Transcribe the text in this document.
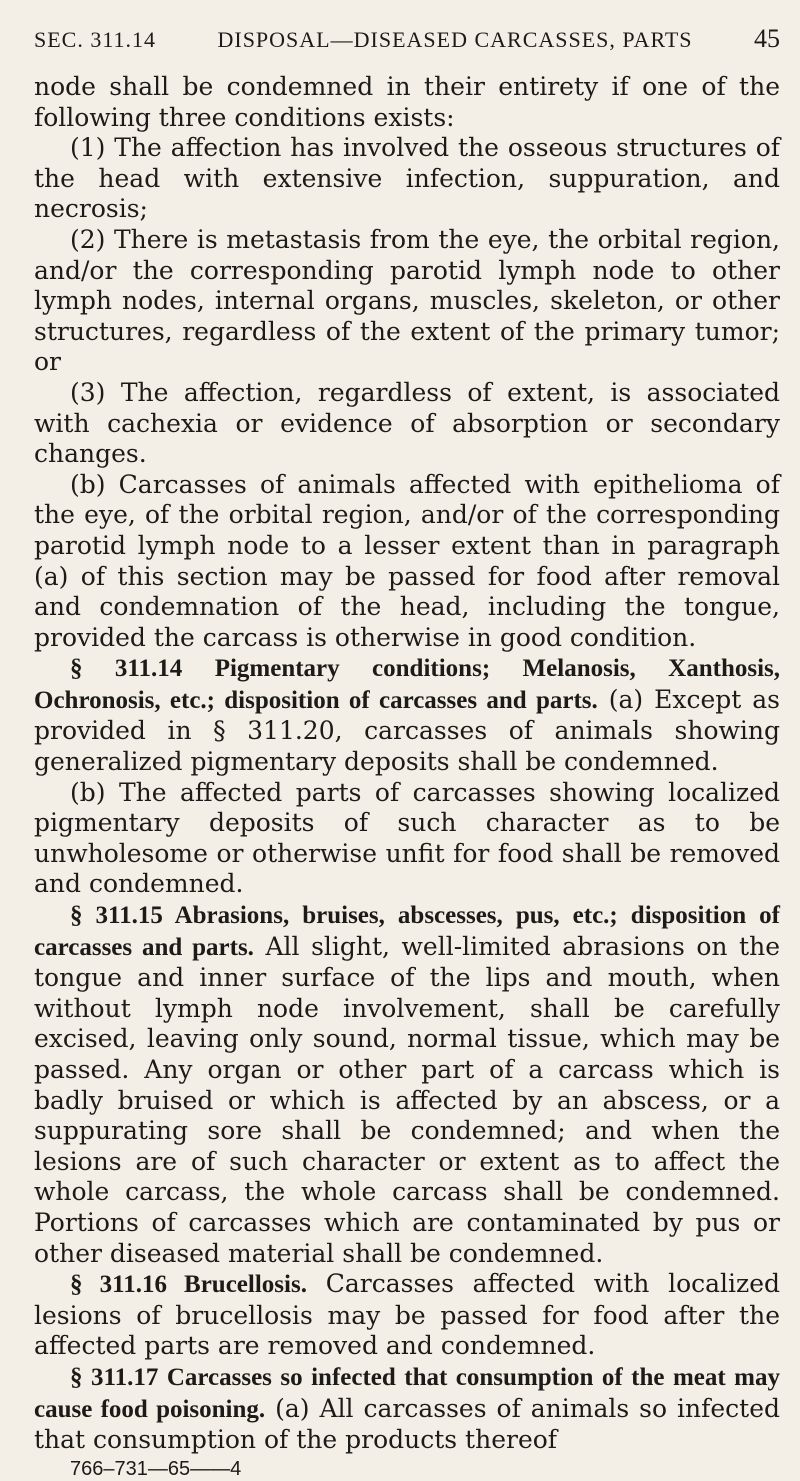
SEC. 311.14	DISPOSAL—DISEASED CARCASSES, PARTS 45

node shall be condemned in their entirety if one of the following three conditions exists:

(1) The affection has involved the osseous structures of the head with extensive infection, suppuration, and necrosis;

(2) There is metastasis from the eye, the orbital region, and/or the corresponding parotid lymph node to other lymph nodes, internal organs, muscles, skeleton, or other structures, regardless of the extent of the primary tumor; or

(3) The affection, regardless of extent, is associated with cachexia or evidence of absorption or secondary changes.

(b) Carcasses of animals affected with epithelioma of the eye, of the orbital region, and/or of the corresponding parotid lymph node to a lesser extent than in paragraph (a) of this section may be passed for food after removal and condemnation of the head, including the tongue, provided the carcass is otherwise in good condition.

§ 311.14 Pigmentary conditions; Melanosis, Xanthosis, Ochronosis, etc.; disposition of carcasses and parts. (a) Except as provided in § 311.20, carcasses of animals showing generalized pigmentary deposits shall be condemned.

(b) The affected parts of carcasses showing localized pigmentary deposits of such character as to be unwholesome or otherwise unfit for food shall be removed and condemned.

§ 311.15 Abrasions, bruises, abscesses, pus, etc.; disposition of carcasses and parts. All slight, well-limited abrasions on the tongue and inner surface of the lips and mouth, when without lymph node involvement, shall be carefully excised, leaving only sound, normal tissue, which may be passed. Any organ or other part of a carcass which is badly bruised or which is affected by an abscess, or a suppurating sore shall be condemned; and when the lesions are of such character or extent as to affect the whole carcass, the whole carcass shall be condemned. Portions of carcasses which are contaminated by pus or other diseased material shall be condemned.

§ 311.16 Brucellosis. Carcasses affected with localized lesions of brucellosis may be passed for food after the affected parts are removed and condemned.

§ 311.17 Carcasses so infected that consumption of the meat may cause food poisoning. (a) All carcasses of animals so infected that consumption of the products thereof

766–731—65——4
